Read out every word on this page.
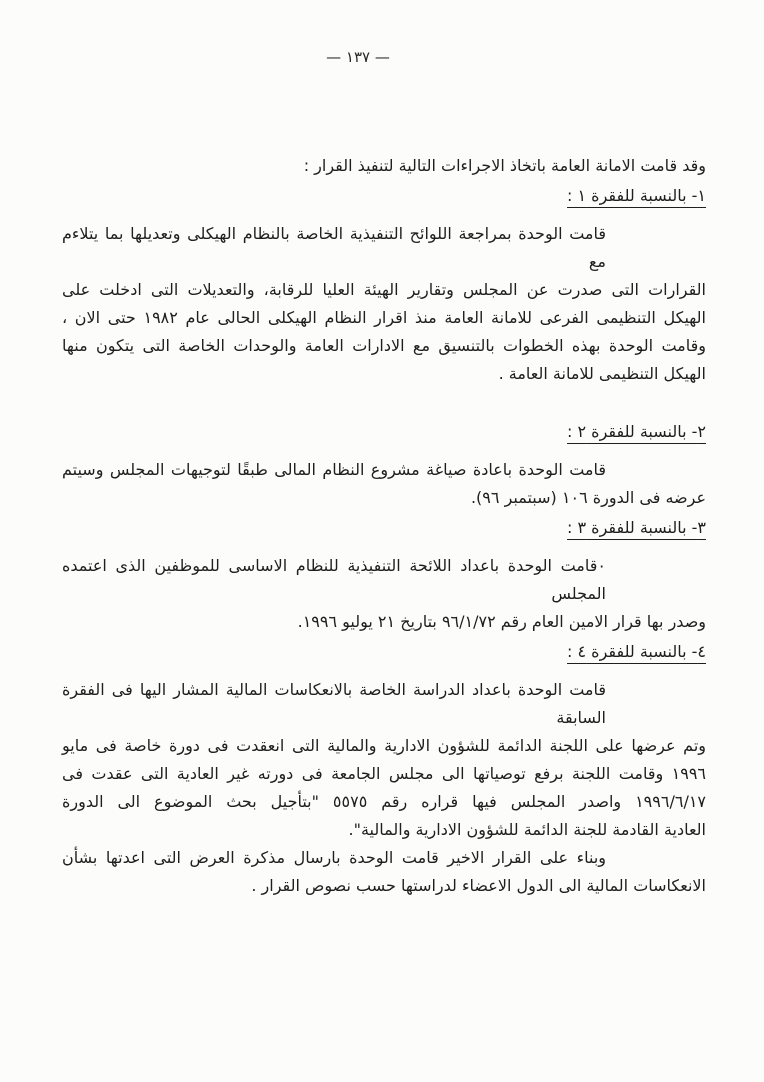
— ١٣٧ —
وقد قامت الامانة العامة باتخاذ الاجراءات التالية لتنفيذ القرار :
١- بالنسبة للفقرة ١ :
قامت الوحدة بمراجعة اللوائح التنفيذية الخاصة بالنظام الهيكلى وتعديلها بما يتلاءم مع
القرارات التى صدرت عن المجلس وتقارير الهيئة العليا للرقابة، والتعديلات التى ادخلت على
الهيكل التنظيمى الفرعى للامانة العامة منذ اقرار النظام الهيكلى الحالى عام ١٩٨٢ حتى الان ،
وقامت الوحدة بهذه الخطوات بالتنسيق مع الادارات العامة والوحدات الخاصة التى يتكون منها
الهيكل التنظيمى للامانة العامة .
٢- بالنسبة للفقرة ٢ :
قامت الوحدة باعادة صياغة مشروع النظام المالى طبقًا لتوجيهات المجلس وسيتم
عرضه فى الدورة ١٠٦ (سبتمبر ٩٦).
٣- بالنسبة للفقرة ٣ :
٠قامت الوحدة باعداد اللائحة التنفيذية للنظام الاساسى للموظفين الذى اعتمده المجلس
وصدر بها قرار الامين العام رقم ٩٦/١/٧٢ بتاريخ ٢١ يوليو ١٩٩٦.
٤- بالنسبة للفقرة ٤ :
قامت الوحدة باعداد الدراسة الخاصة بالانعكاسات المالية المشار اليها فى الفقرة السابقة
وتم عرضها على اللجنة الدائمة للشؤون الادارية والمالية التى انعقدت فى دورة خاصة فى مايو
١٩٩٦ وقامت اللجنة برفع توصياتها الى مجلس الجامعة فى دورته غير العادية التى عقدت فى
١٩٩٦/٦/١٧ واصدر المجلس فيها قراره رقم ٥٥٧٥ "بتأجيل بحث الموضوع الى الدورة
العادية القادمة للجنة الدائمة للشؤون الادارية والمالية".
وبناء على القرار الاخير قامت الوحدة بارسال مذكرة العرض التى اعدتها بشأن
الانعكاسات المالية الى الدول الاعضاء لدراستها حسب نصوص القرار .
